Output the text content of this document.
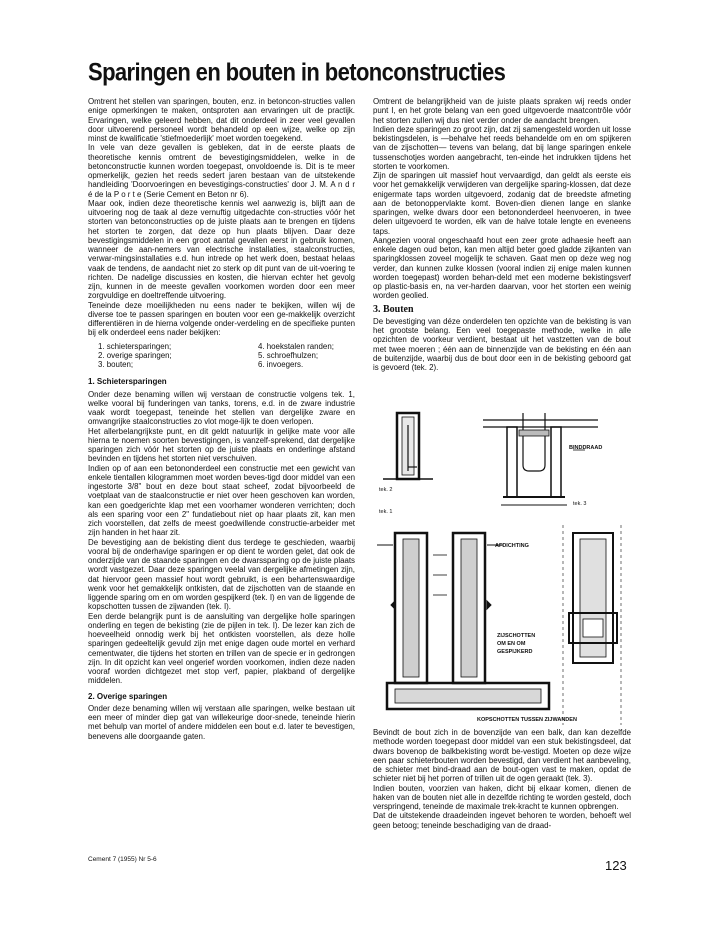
Sparingen en bouten in betonconstructies

Omtrent het stellen van sparingen, bouten, enz. in betoncon-structies vallen enige opmerkingen te maken, ontsproten aan ervaringen uit de practijk. Ervaringen, welke geleerd hebben, dat dit onderdeel in zeer veel gevallen door uitvoerend personeel wordt behandeld op een wijze, welke op zijn minst de kwalificatie 'stiefmoederlijk' moet worden toegekend.

In vele van deze gevallen is gebleken, dat in de eerste plaats de theoretische kennis omtrent de bevestigingsmiddelen, welke in de betonconstructie kunnen worden toegepast, onvoldoende is. Dit is te meer opmerkelijk, gezien het reeds sedert jaren bestaan van de uitstekende handleiding 'Doorvoeringen en bevestigings-constructies' door J. M. A n d r é de la P o r t e (Serie Cement en Beton nr 6).

Maar ook, indien deze theoretische kennis wel aanwezig is, blijft aan de uitvoering nog de taak al deze vernuftig uitgedachte con-structies vóór het storten van betonconstructies op de juiste plaats aan te brengen en tijdens het storten te zorgen, dat deze op hun plaats blijven. Daar deze bevestigingsmiddelen in een groot aantal gevallen eerst in gebruik komen, wanneer de aan-nemers van electrische installaties, staalconstructies, verwar-mingsinstallaties e.d. hun intrede op het werk doen, bestaat helaas vaak de tendens, de aandacht niet zo sterk op dit punt van de uit-voering te richten. De nadelige discussies en kosten, die hiervan echter het gevolg zijn, kunnen in de meeste gevallen voorkomen worden door een meer zorgvuldige en doeltreffende uitvoering.

Teneinde deze moeilijkheden nu eens nader te bekijken, willen wij de diverse toe te passen sparingen en bouten voor een ge-makkelijk overzicht differentiëren in de hierna volgende onder-verdeling en de specifieke punten bij elk onderdeel eens nader bekijken:

1. schietersparingen;	4. hoekstalen randen;
2. overige sparingen;	5. schroefhulzen;
3. bouten;	6. invoegers.
1. Schietersparingen

Onder deze benaming willen wij verstaan de constructie volgens tek. 1, welke vooral bij funderingen van tanks, torens, e.d. in de zware industrie vaak wordt toegepast, teneinde het stellen van dergelijke zware en omvangrijke staalconstructies zo vlot moge-lijk te doen verlopen.

Het allerbelangrijkste punt, en dit geldt natuurlijk in gelijke mate voor alle hierna te noemen soorten bevestigingen, is vanzelf-sprekend, dat dergelijke sparingen zich vóór het storten op de juiste plaats en onderlinge afstand bevinden en tijdens het storten niet verschuiven.

Indien op of aan een betononderdeel een constructie met een gewicht van enkele tientallen kilogrammen moet worden beves-tigd door middel van een ingestorte 3/8" bout en deze bout staat scheef, zodat bijvoorbeeld de voetplaat van de staalconstructie er niet over heen geschoven kan worden, kan een goedgerichte klap met een voorhamer wonderen verrichten; doch als een sparing voor een 2" fundatiebout niet op haar plaats zit, kan men zich voorstellen, dat zelfs de meest goedwillende constructie-arbeider met zijn handen in het haar zit.

De bevestiging aan de bekisting dient dus terdege te geschieden, waarbij vooral bij de onderhavige sparingen er op dient te worden gelet, dat ook de onderzijde van de staande sparingen en de dwarssparing op de juiste plaats wordt vastgezet. Daar deze sparingen veelal van dergelijke afmetingen zijn, dat hiervoor geen massief hout wordt gebruikt, is een behartenswaardige wenk voor het gemakkelijk ontkisten, dat de zijschotten van de staande en liggende sparing om en om worden gespijkerd (tek. I) en van de liggende de kopschotten tussen de zijwanden (tek. I).

Een derde belangrijk punt is de aansluiting van dergelijke holle sparingen onderling en tegen de bekisting (zie de pijlen in tek. I). De lezer kan zich de hoeveelheid onnodig werk bij het ontkisten voorstellen, als deze holle sparingen gedeeltelijk gevuld zijn met enige dagen oude mortel en verhard cementwater, die tijdens het storten en trillen van de specie er in gedrongen zijn. In dit opzicht kan veel ongerief worden voorkomen, indien deze naden vooraf worden dichtgezet met stop verf, papier, plakband of dergelijke middelen.

2. Overige sparingen

Onder deze benaming willen wij verstaan alle sparingen, welke bestaan uit een meer of minder diep gat van willekeurige door-snede, teneinde hierin met behulp van mortel of andere middelen een bout e.d. later te bevestigen, benevens alle doorgaande gaten.

Omtrent de belangrijkheid van de juiste plaats spraken wij reeds onder punt I, en het grote belang van een goed uitgevoerde maatcontrôle vóór het storten zullen wij dus niet verder onder de aandacht brengen.

Indien deze sparingen zo groot zijn, dat zij samengesteld worden uit losse bekistingsdelen, is —behalve het reeds behandelde om en om spijkeren van de zijschotten— tevens van belang, dat bij lange sparingen enkele tussenschotjes worden aangebracht, ten-einde het indrukken tijdens het storten te voorkomen.

Zijn de sparingen uit massief hout vervaardigd, dan geldt als eerste eis voor het gemakkelijk verwijderen van dergelijke sparing-klossen, dat deze enigermate taps worden uitgevoerd, zodanig dat de breedste afmeting aan de betonoppervlakte komt. Boven-dien dienen lange en slanke sparingen, welke dwars door een betononderdeel heenvoeren, in twee delen uitgevoerd te worden, elk van de halve totale lengte en eveneens taps.

Aangezien vooral ongeschaafd hout een zeer grote adhaesie heeft aan enkele dagen oud beton, kan men altijd beter goed gladde zijkanten van sparingklossen zoveel mogelijk te schaven. Gaat men op deze weg nog verder, dan kunnen zulke klossen (vooral indien zij enige malen kunnen worden toegepast) worden behan-deld met een moderne bekistingsverf op plastic-basis en, na ver-harden daarvan, voor het storten een weinig worden geolied.

3. Bouten

De bevestiging van déze onderdelen ten opzichte van de bekisting is van het grootste belang. Een veel toegepaste methode, welke in alle opzichten de voorkeur verdient, bestaat uit het vastzetten van de bout met twee moeren ; één aan de binnenzijde van de bekisting en één aan de buitenzijde, waarbij dus de bout door een in de bekisting geboord gat is gevoerd (tek. 2).

tek. 2
tek. 1
BINDDRAAD
tek. 3
AFDICHTING
ZIJSCHOTTEN
OM EN OM
GESPIJKERD
KOPSCHOTTEN TUSSEN ZIJWANDEN

Bevindt de bout zich in de bovenzijde van een balk, dan kan dezelfde methode worden toegepast door middel van een stuk bekistingsdeel, dat dwars bovenop de balkbekisting wordt be-vestigd. Moeten op deze wijze een paar schieterbouten worden bevestigd, dan verdient het aanbeveling, de schieter met bind-draad aan de bout-ogen vast te maken, opdat de schieter niet bij het porren of trillen uit de ogen geraakt (tek. 3).

Indien bouten, voorzien van haken, dicht bij elkaar komen, dienen de haken van de bouten niet alle in dezelfde richting te worden gesteld, doch verspringend, teneinde de maximale trek-kracht te kunnen opbrengen.

Dat de uitstekende draadeinden ingevet behoren te worden, behoeft wel geen betoog; teneinde beschadiging van de draad-

Cement 7 (1955) Nr 5-6	123
